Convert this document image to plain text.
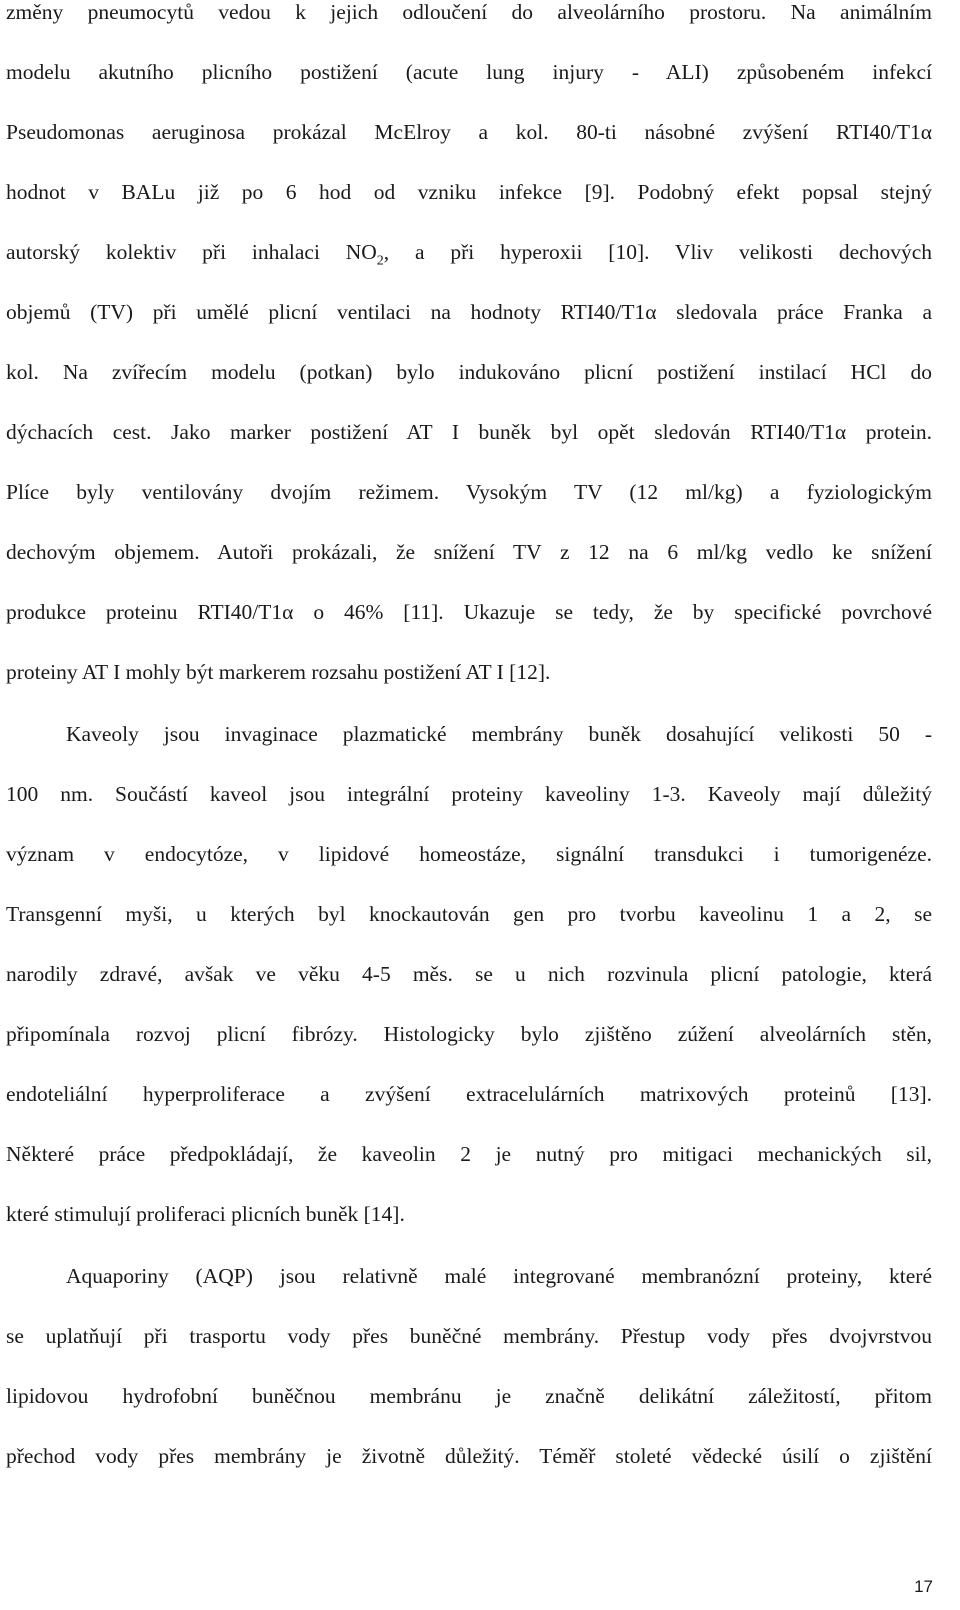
změny pneumocytů vedou k jejich odloučení do alveolárního prostoru. Na animálním
modelu akutního plicního postižení (acute lung injury - ALI) způsobeném infekcí
Pseudomonas aeruginosa prokázal McElroy a kol. 80-ti násobné zvýšení RTI40/T1α
hodnot v BALu již po 6 hod od vzniku infekce [9]. Podobný efekt popsal stejný
autorský kolektiv při inhalaci $NO_2$, a při hyperoxii [10]. Vliv velikosti dechových
objemů (TV) při umělé plicní ventilaci na hodnoty RTI40/T1α sledovala práce Franka a
kol. Na zvířecím modelu (potkan) bylo indukováno plicní postižení instilací HCl do
dýchacích cest. Jako marker postižení AT I buněk byl opět sledován RTI40/T1α protein.
Plíce byly ventilovány dvojím režimem. Vysokým TV (12 ml/kg) a fyziologickým
dechovým objemem. Autoři prokázali, že snížení TV z 12 na 6 ml/kg vedlo ke snížení
produkce proteinu RTI40/T1α o 46% [11]. Ukazuje se tedy, že by specifické povrchové
proteiny AT I mohly být markerem rozsahu postižení AT I [12].
Kaveoly jsou invaginace plazmatické membrány buněk dosahující velikosti 50 -
100 nm. Součástí kaveol jsou integrální proteiny kaveoliny 1-3. Kaveoly mají důležitý
význam v endocytóze, v lipidové homeostáze, signální transdukci i tumorigenéze.
Transgenní myši, u kterých byl knockautován gen pro tvorbu kaveolinu 1 a 2, se
narodily zdravé, avšak ve věku 4-5 měs. se u nich rozvinula plicní patologie, která
připomínala rozvoj plicní fibrózy. Histologicky bylo zjištěno zúžení alveolárních stěn,
endoteliální hyperproliferace a zvýšení extracelulárních matrixových proteinů [13].
Některé práce předpokládají, že kaveolin 2 je nutný pro mitigaci mechanických sil,
které stimulují proliferaci plicních buněk [14].
Aquaporiny (AQP) jsou relativně malé integrované membranózní proteiny, které
se uplatňují při trasportu vody přes buněčné membrány. Přestup vody přes dvojvrstvou
lipidovou hydrofobní buněčnou membránu je značně delikátní záležitostí, přitom
přechod vody přes membrány je životně důležitý. Téměř stoleté vědecké úsilí o zjištění
17
